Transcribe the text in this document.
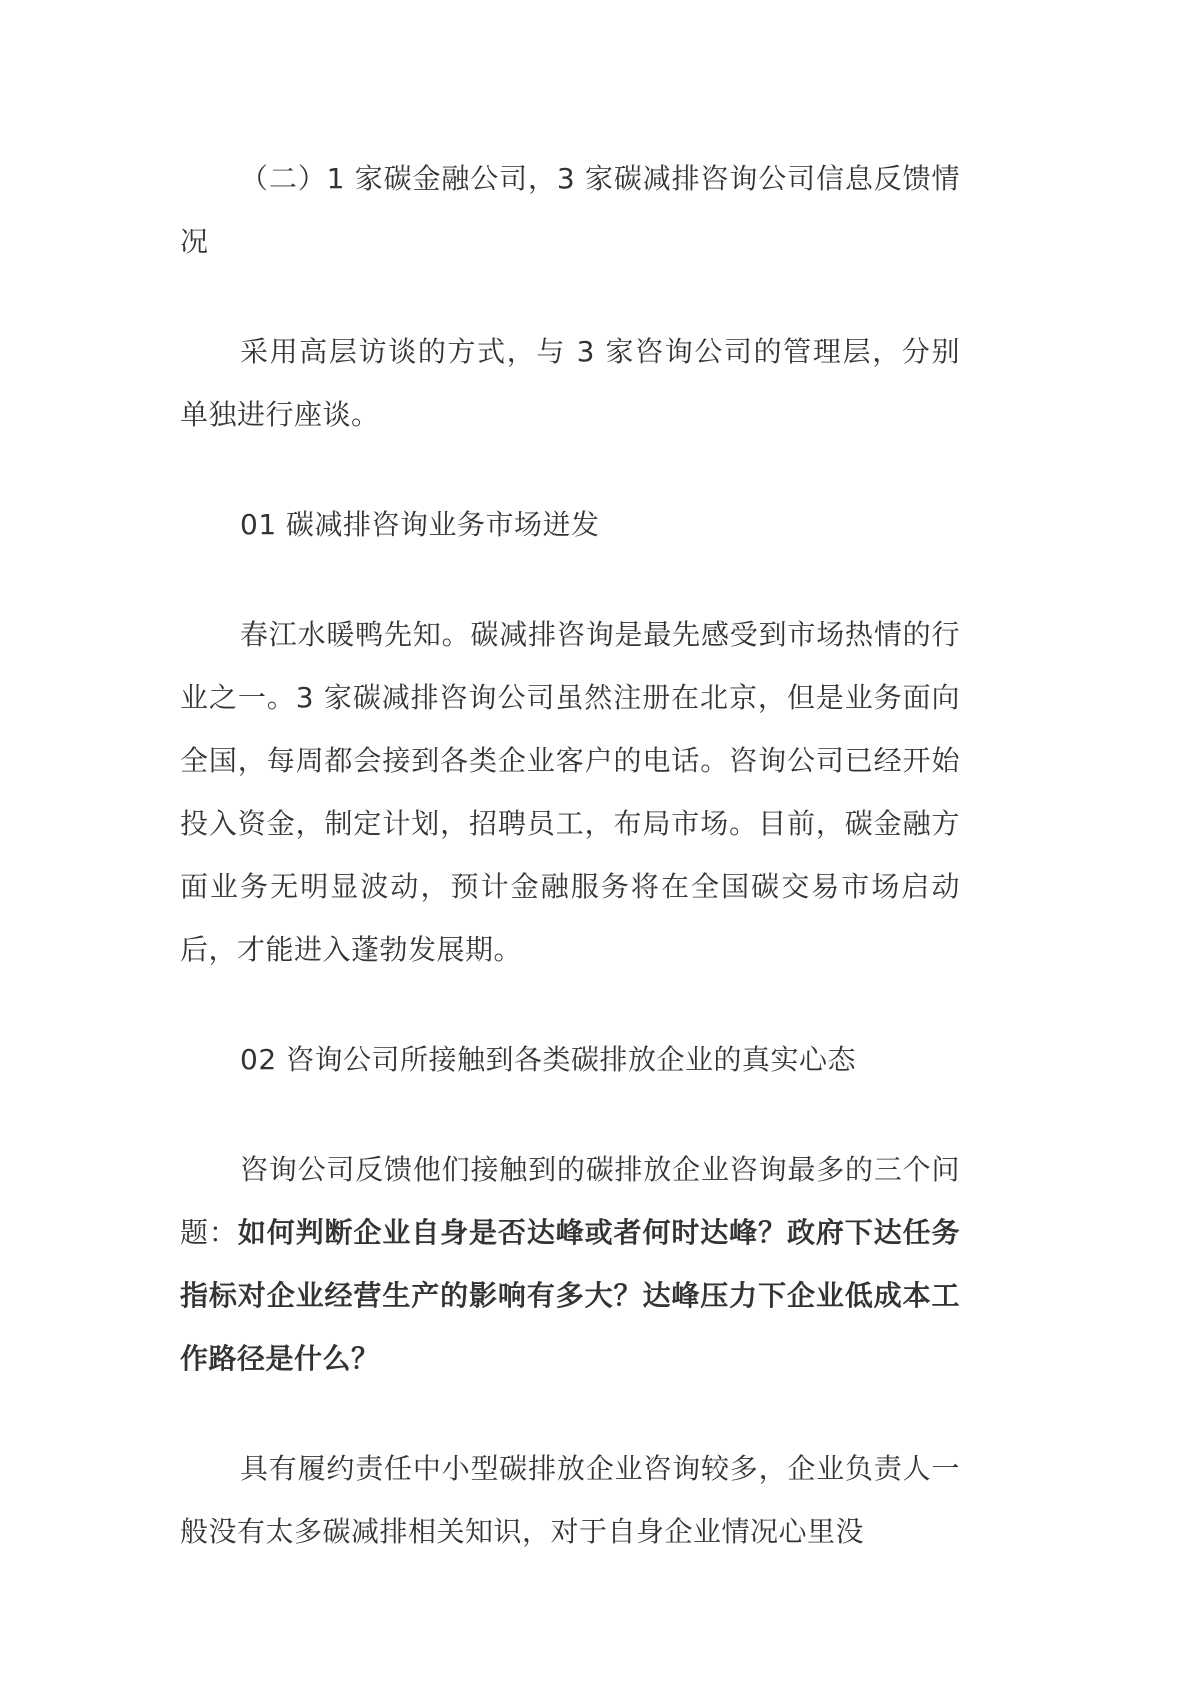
（二）1 家碳金融公司，3 家碳减排咨询公司信息反馈情况

采用高层访谈的方式，与 3 家咨询公司的管理层，分别单独进行座谈。

01 碳减排咨询业务市场迸发

春江水暖鸭先知。碳减排咨询是最先感受到市场热情的行业之一。3 家碳减排咨询公司虽然注册在北京，但是业务面向全国，每周都会接到各类企业客户的电话。咨询公司已经开始投入资金，制定计划，招聘员工，布局市场。目前，碳金融方面业务无明显波动，预计金融服务将在全国碳交易市场启动后，才能进入蓬勃发展期。

02 咨询公司所接触到各类碳排放企业的真实心态

咨询公司反馈他们接触到的碳排放企业咨询最多的三个问题：如何判断企业自身是否达峰或者何时达峰？政府下达任务指标对企业经营生产的影响有多大？达峰压力下企业低成本工作路径是什么？

具有履约责任中小型碳排放企业咨询较多，企业负责人一般没有太多碳减排相关知识，对于自身企业情况心里没
